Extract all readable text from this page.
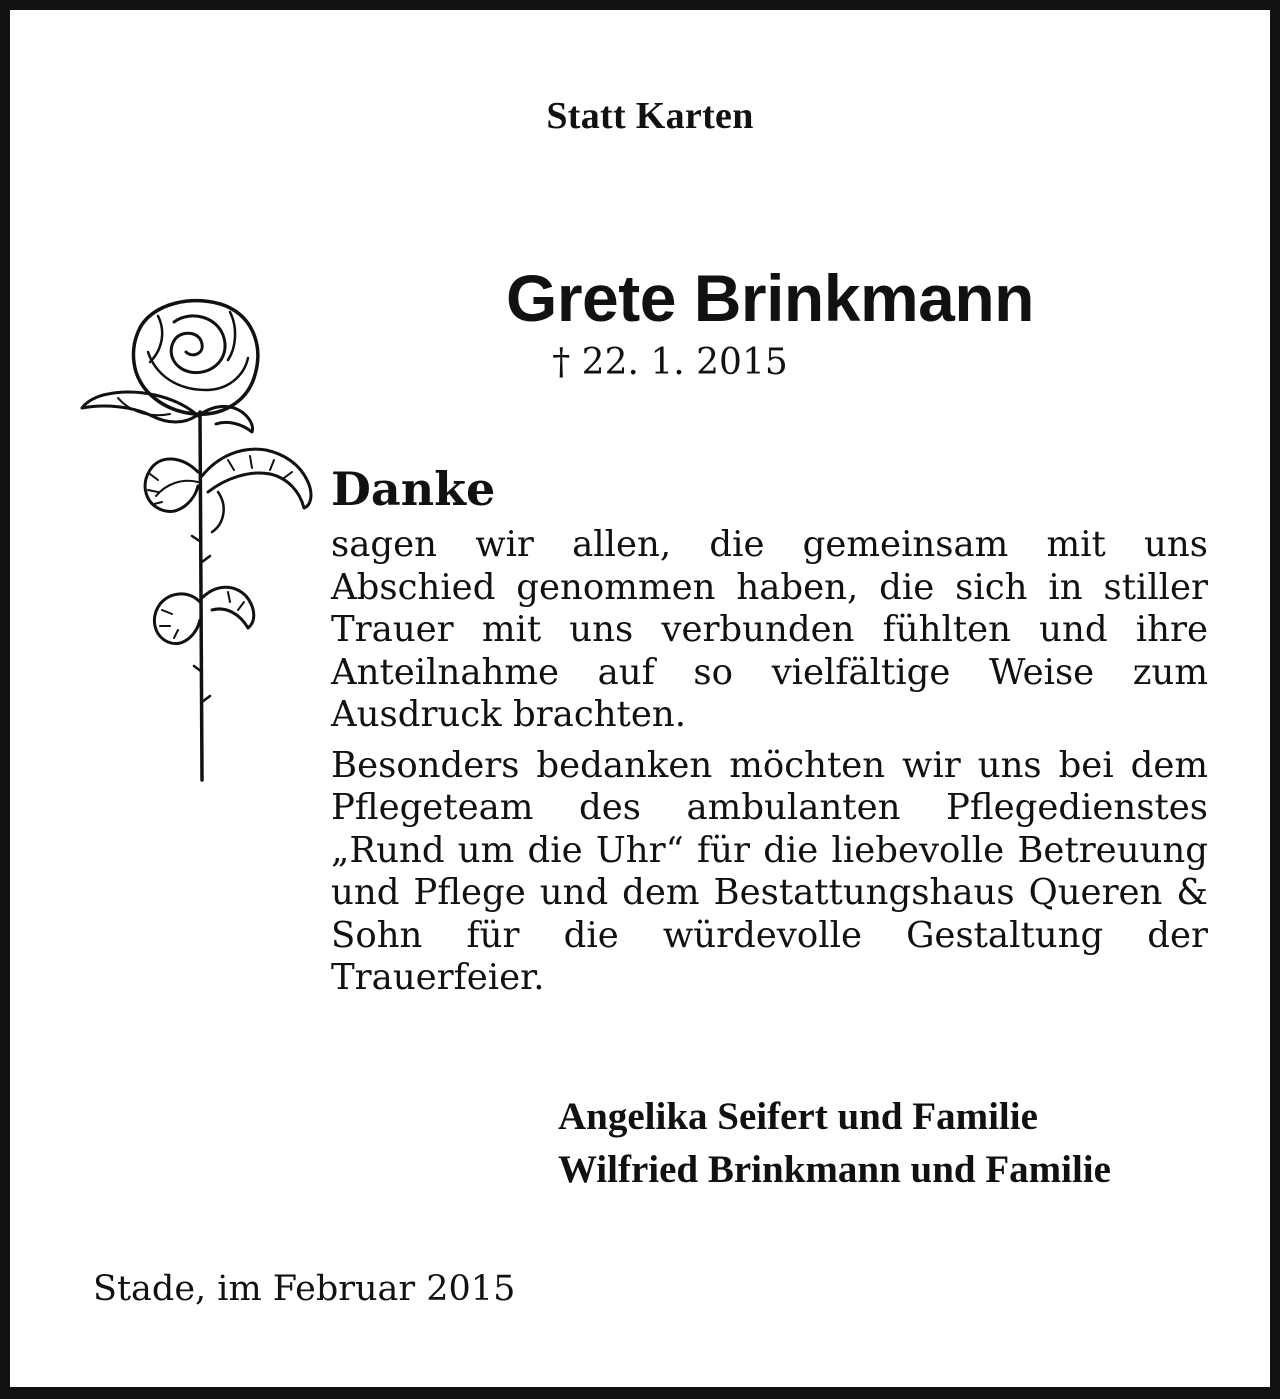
Statt Karten
Grete Brinkmann
† 22. 1. 2015
Danke

sagen wir allen, die gemeinsam mit uns Abschied genommen haben, die sich in stiller Trauer mit uns verbunden fühlten und ihre Anteilnahme auf so vielfältige Weise zum Ausdruck brachten.

Besonders bedanken möchten wir uns bei dem Pflegeteam des ambulanten Pflegedienstes „Rund um die Uhr“ für die liebevolle Betreuung und Pflege und dem Bestattungshaus Queren & Sohn für die würdevolle Gestaltung der Trauerfeier.

Angelika Seifert und Familie
Wilfried Brinkmann und Familie
Stade, im Februar 2015
